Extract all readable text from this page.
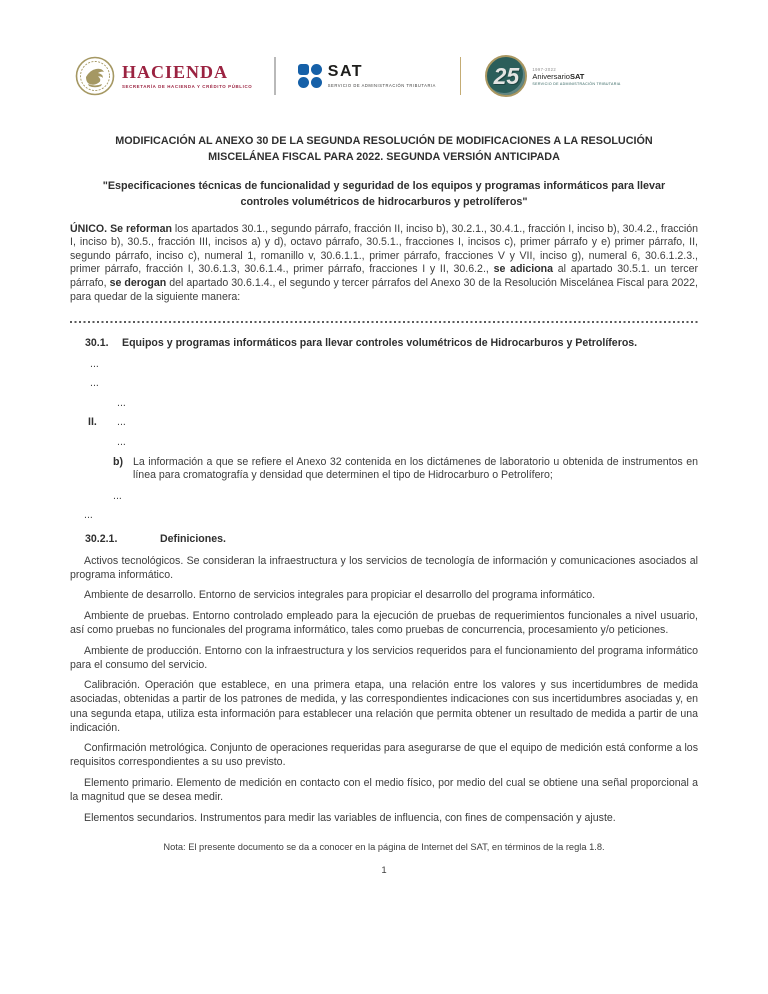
HACIENDA
SECRETARÍA DE HACIENDA Y CRÉDITO PÚBLICO
SAT
SERVICIO DE ADMINISTRACIÓN TRIBUTARIA	25	1997-2022
AniversarioSAT
SERVICIO DE ADMINISTRACIÓN TRIBUTARIA
MODIFICACIÓN AL ANEXO 30 DE LA SEGUNDA RESOLUCIÓN DE MODIFICACIONES A LA RESOLUCIÓN MISCELÁNEA FISCAL PARA 2022. SEGUNDA VERSIÓN ANTICIPADA
"Especificaciones técnicas de funcionalidad y seguridad de los equipos y programas informáticos para llevar controles volumétricos de hidrocarburos y petrolíferos"

ÚNICO. Se reforman los apartados 30.1., segundo párrafo, fracción II, inciso b), 30.2.1., 30.4.1., fracción I, inciso b), 30.4.2., fracción I, inciso b), 30.5., fracción III, incisos a) y d), octavo párrafo, 30.5.1., fracciones I, incisos c), primer párrafo y e) primer párrafo, II, segundo párrafo, inciso c), numeral 1, romanillo v, 30.6.1.1., primer párrafo, fracciones V y VII, inciso g), numeral 6, 30.6.1.2.3., primer párrafo, fracción I, 30.6.1.3, 30.6.1.4., primer párrafo, fracciones I y II, 30.6.2., se adiciona al apartado 30.5.1. un tercer párrafo, se derogan del apartado 30.6.1.4., el segundo y tercer párrafos del Anexo 30 de la Resolución Miscelánea Fiscal para 2022, para quedar de la siguiente manera:

30.1.	Equipos y programas informáticos para llevar controles volumétricos de Hidrocarburos y Petrolíferos.
...
...
...
II.	...
...
b) La información a que se refiere el Anexo 32 contenida en los dictámenes de laboratorio u obtenida de instrumentos en línea para cromatografía y densidad que determinen el tipo de Hidrocarburo o Petrolífero;

...
...
30.2.1.	Definiciones.

Activos tecnológicos. Se consideran la infraestructura y los servicios de tecnología de información y comunicaciones asociados al programa informático.

Ambiente de desarrollo. Entorno de servicios integrales para propiciar el desarrollo del programa informático.

Ambiente de pruebas. Entorno controlado empleado para la ejecución de pruebas de requerimientos funcionales a nivel usuario, así como pruebas no funcionales del programa informático, tales como pruebas de concurrencia, procesamiento y/o peticiones.

Ambiente de producción. Entorno con la infraestructura y los servicios requeridos para el funcionamiento del programa informático para el consumo del servicio.

Calibración. Operación que establece, en una primera etapa, una relación entre los valores y sus incertidumbres de medida asociadas, obtenidas a partir de los patrones de medida, y las correspondientes indicaciones con sus incertidumbres asociadas y, en una segunda etapa, utiliza esta información para establecer una relación que permita obtener un resultado de medida a partir de una indicación.

Confirmación metrológica. Conjunto de operaciones requeridas para asegurarse de que el equipo de medición está conforme a los requisitos correspondientes a su uso previsto.

Elemento primario. Elemento de medición en contacto con el medio físico, por medio del cual se obtiene una señal proporcional a la magnitud que se desea medir.

Elementos secundarios. Instrumentos para medir las variables de influencia, con fines de compensación y ajuste.

Nota: El presente documento se da a conocer en la página de Internet del SAT, en términos de la regla 1.8.
1
